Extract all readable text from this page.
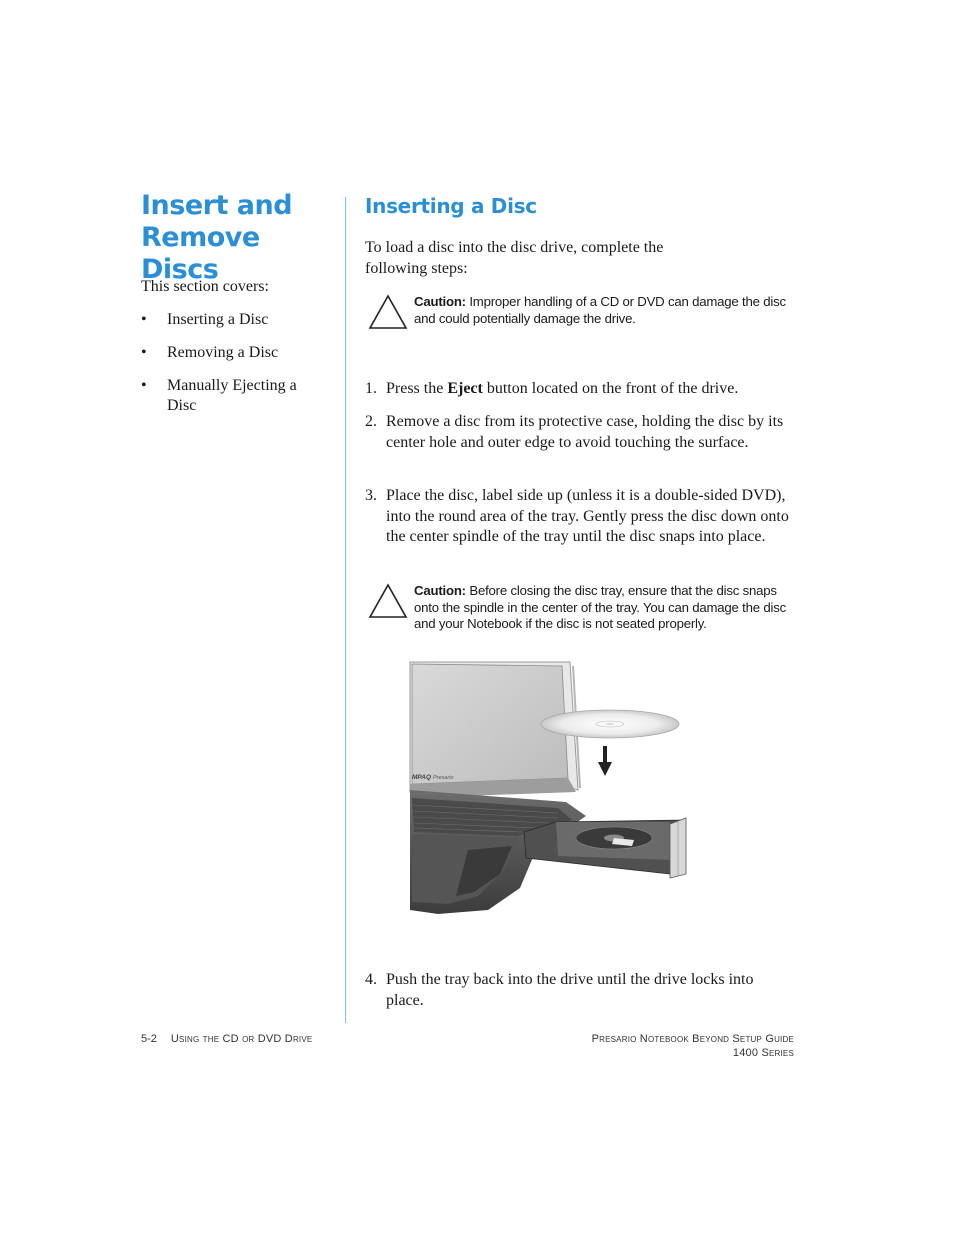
Insert and
Remove Discs
This section covers:
• Inserting a Disc
• Removing a Disc
• Manually Ejecting a Disc
Inserting a Disc
To load a disc into the disc drive, complete the following steps:
Caution: Improper handling of a CD or DVD can damage the disc and could potentially damage the drive.
1. Press the Eject button located on the front of the drive.
2. Remove a disc from its protective case, holding the disc by its center hole and outer edge to avoid touching the surface.
3. Place the disc, label side up (unless it is a double-sided DVD), into the round area of the tray. Gently press the disc down onto the center spindle of the tray until the disc snaps into place.
Caution: Before closing the disc tray, ensure that the disc snaps onto the spindle in the center of the tray. You can damage the disc and your Notebook if the disc is not seated properly.
MPAQ Presario
4. Push the tray back into the drive until the drive locks into place.
5-2 Using the CD or DVD Drive	Presario Notebook Beyond Setup Guide
1400 Series
